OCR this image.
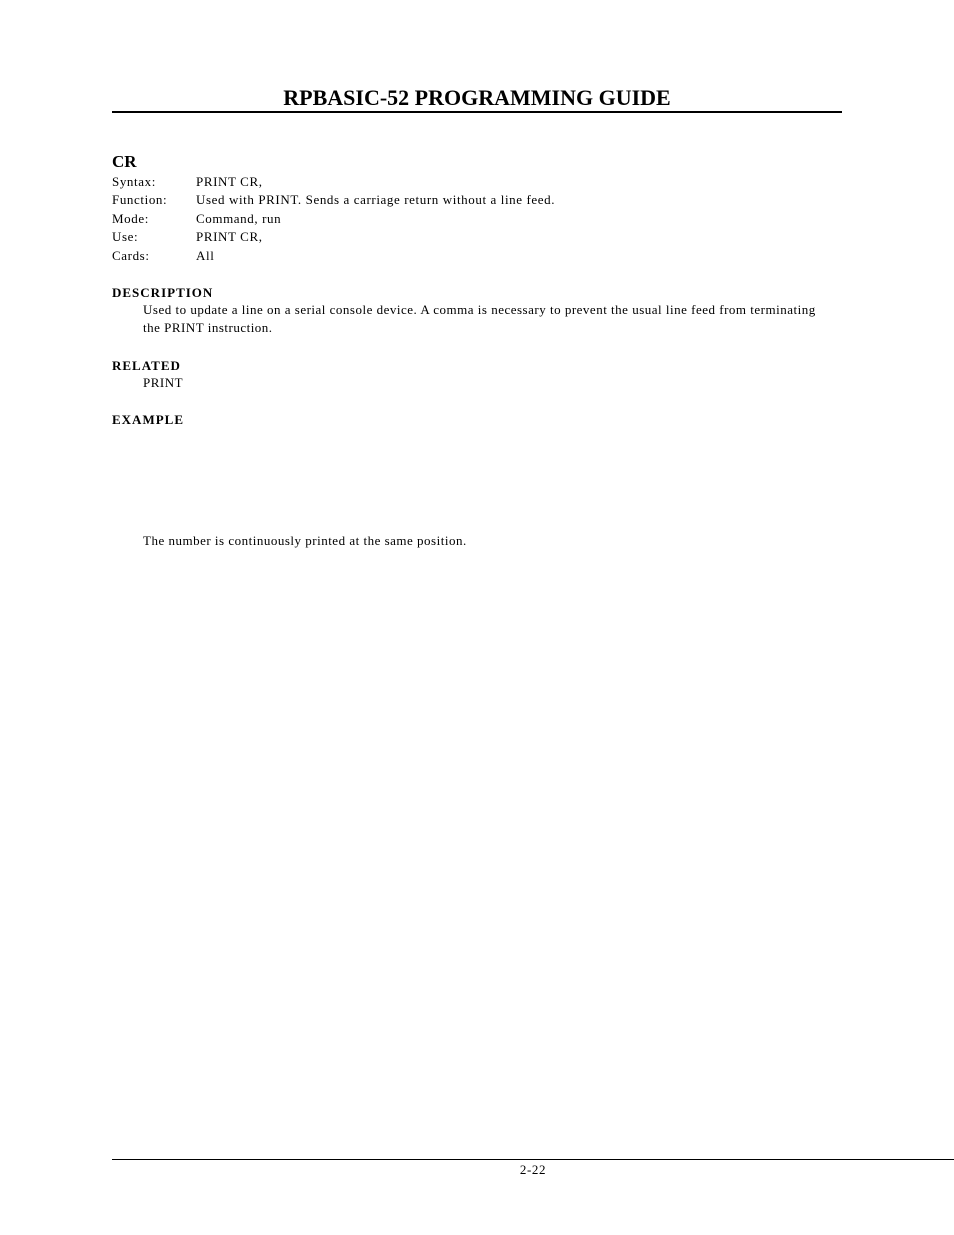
RPBASIC-52 PROGRAMMING GUIDE
CR
Syntax:	PRINT CR,
Function: Used with PRINT. Sends a carriage return without a line feed.
Mode:	Command, run
Use:	PRINT CR,
Cards:	All
DESCRIPTION
Used to update a line on a serial console device. A comma is necessary to prevent the usual line feed from terminating the PRINT instruction.
RELATED
PRINT
EXAMPLE
The number is continuously printed at the same position.
2-22
